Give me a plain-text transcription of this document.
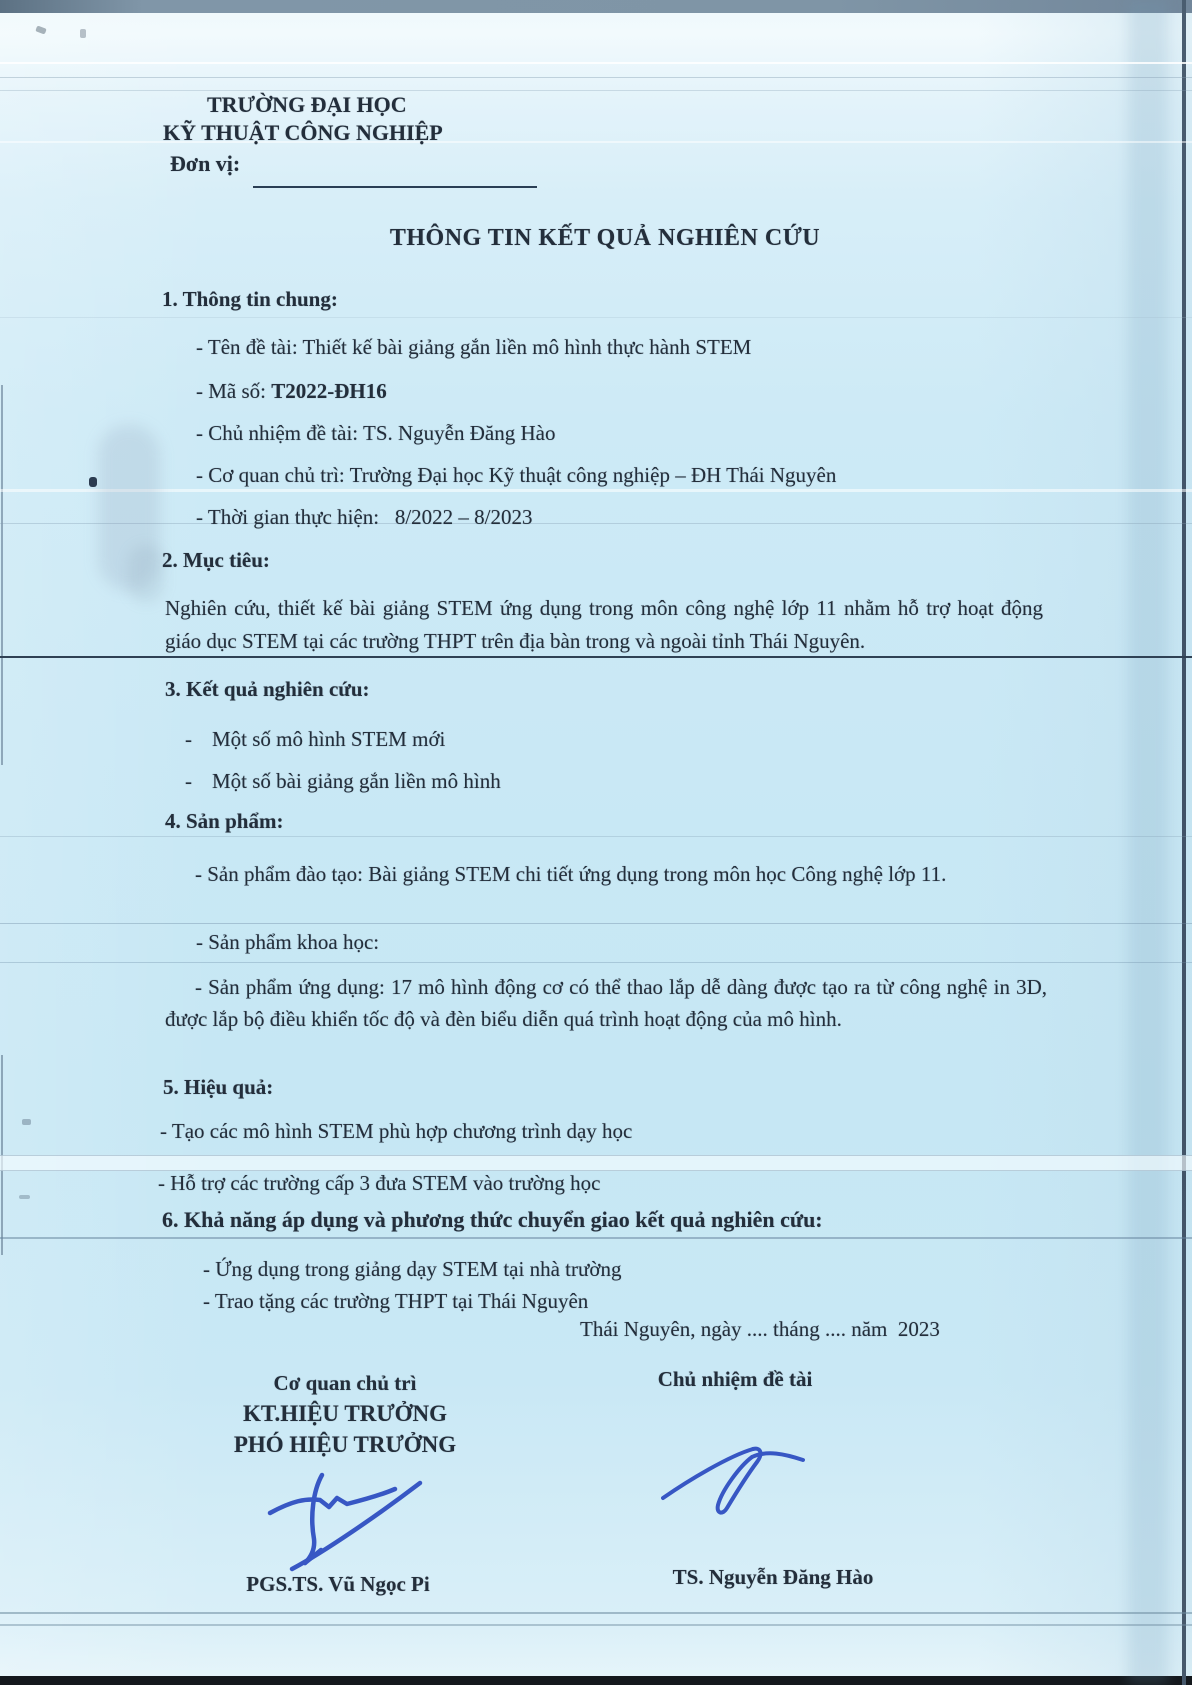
TRƯỜNG ĐẠI HỌC
KỸ THUẬT CÔNG NGHIỆP
Đơn vị:
THÔNG TIN KẾT QUẢ NGHIÊN CỨU
1. Thông tin chung:
- Tên đề tài: Thiết kế bài giảng gắn liền mô hình thực hành STEM
- Mã số: T2022-ĐH16
- Chủ nhiệm đề tài: TS. Nguyễn Đăng Hào
- Cơ quan chủ trì: Trường Đại học Kỹ thuật công nghiệp – ĐH Thái Nguyên
- Thời gian thực hiện:   8/2022 – 8/2023
2. Mục tiêu:
Nghiên cứu, thiết kế bài giảng STEM ứng dụng trong môn công nghệ lớp 11 nhằm hỗ trợ hoạt động giáo dục STEM tại các trường THPT trên địa bàn trong và ngoài tỉnh Thái Nguyên.
3. Kết quả nghiên cứu:
- Một số mô hình STEM mới
- Một số bài giảng gắn liền mô hình
4. Sản phẩm:
- Sản phẩm đào tạo: Bài giảng STEM chi tiết ứng dụng trong môn học Công nghệ lớp 11.
- Sản phẩm khoa học:
- Sản phẩm ứng dụng: 17 mô hình động cơ có thể thao lắp dễ dàng được tạo ra từ công nghệ in 3D, được lắp bộ điều khiển tốc độ và đèn biểu diễn quá trình hoạt động của mô hình.
5. Hiệu quả:
- Tạo các mô hình STEM phù hợp chương trình dạy học
- Hỗ trợ các trường cấp 3 đưa STEM vào trường học
6. Khả năng áp dụng và phương thức chuyển giao kết quả nghiên cứu:
- Ứng dụng trong giảng dạy STEM tại nhà trường
- Trao tặng các trường THPT tại Thái Nguyên
Thái Nguyên, ngày .... tháng .... năm  2023
Cơ quan chủ trì
KT.HIỆU TRƯỞNG
PHÓ HIỆU TRƯỞNG
Chủ nhiệm đề tài
PGS.TS. Vũ Ngọc Pi	TS. Nguyễn Đăng Hào
